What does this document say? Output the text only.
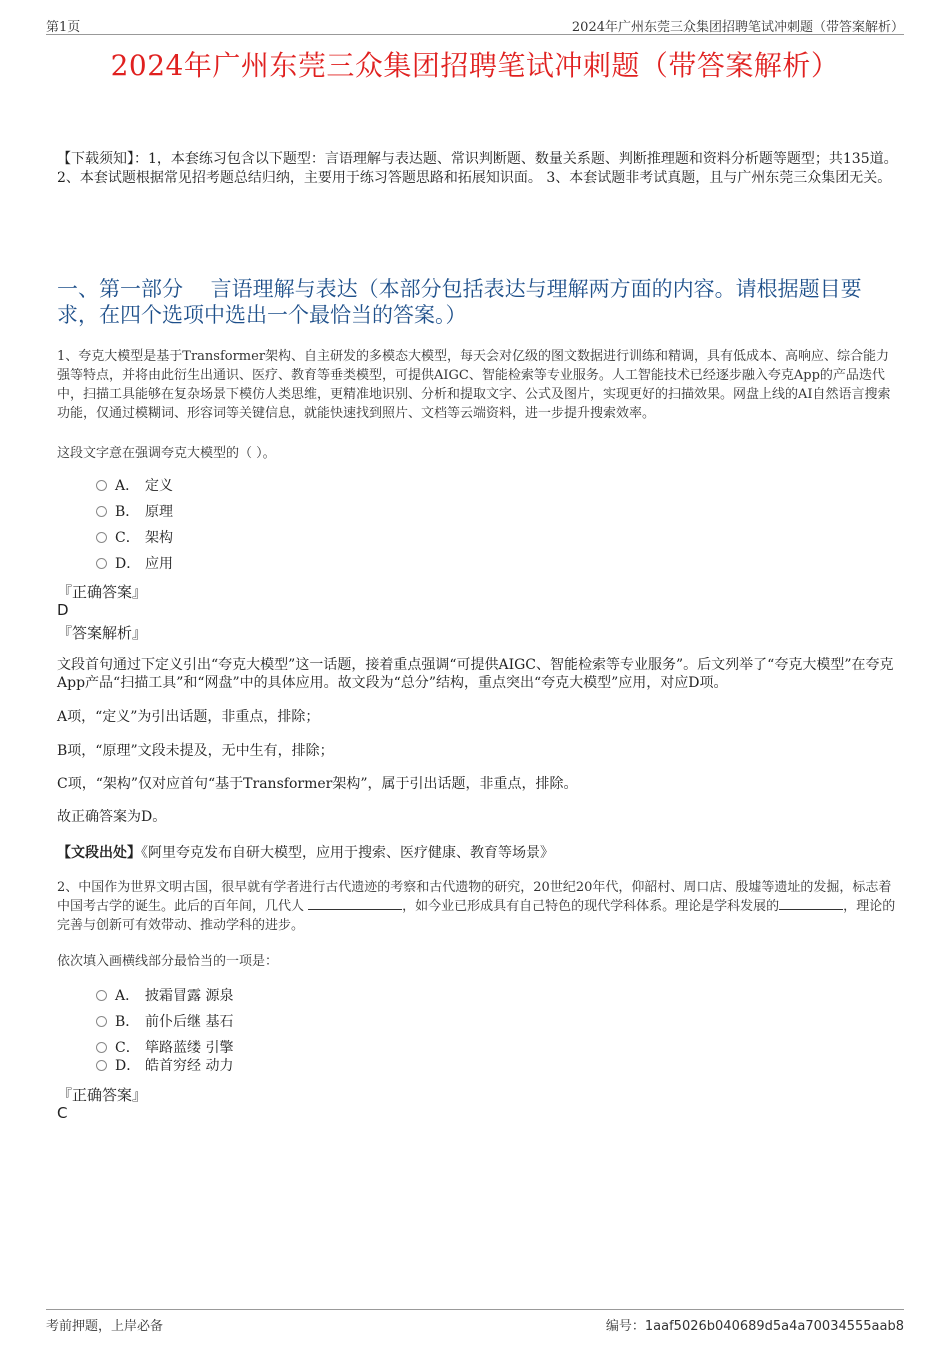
第1页	2024年广州东莞三众集团招聘笔试冲刺题（带答案解析）
2024年广州东莞三众集团招聘笔试冲刺题（带答案解析）
【下载须知】：1，本套练习包含以下题型：言语理解与表达题、常识判断题、数量关系题、判断推理题和资料分析题等题型；共135道。 2、本套试题根据常见招考题总结归纳，主要用于练习答题思路和拓展知识面。 3、本套试题非考试真题，且与广州东莞三众集团无关。
一、第一部分　 言语理解与表达（本部分包括表达与理解两方面的内容。请根据题目要求，在四个选项中选出一个最恰当的答案。）
1、夸克大模型是基于Transformer架构、自主研发的多模态大模型，每天会对亿级的图文数据进行训练和精调，具有低成本、高响应、综合能力强等特点，并将由此衍生出通识、医疗、教育等垂类模型，可提供AIGC、智能检索等专业服务。人工智能技术已经逐步融入夸克App的产品迭代中，扫描工具能够在复杂场景下模仿人类思维，更精准地识别、分析和提取文字、公式及图片，实现更好的扫描效果。网盘上线的AI自然语言搜索功能，仅通过模糊词、形容词等关键信息，就能快速找到照片、文档等云端资料，进一步提升搜索效率。
这段文字意在强调夸克大模型的（ ）。
A． 定义
B． 原理
C． 架构
D． 应用
『正确答案』
D
『答案解析』
文段首句通过下定义引出“夸克大模型”这一话题，接着重点强调“可提供AIGC、智能检索等专业服务”。后文列举了“夸克大模型”在夸克App产品“扫描工具”和“网盘”中的具体应用。故文段为“总分”结构，重点突出“夸克大模型”应用，对应D项。
A项，“定义”为引出话题，非重点，排除；
B项，“原理”文段未提及，无中生有，排除；
C项，“架构”仅对应首句“基于Transformer架构”，属于引出话题，非重点，排除。
故正确答案为D。
【文段出处】《阿里夸克发布自研大模型，应用于搜索、医疗健康、教育等场景》
2、中国作为世界文明古国，很早就有学者进行古代遗迹的考察和古代遗物的研究，20世纪20年代，仰韶村、周口店、殷墟等遗址的发掘，标志着中国考古学的诞生。此后的百年间，几代人	，如今业已形成具有自己特色的现代学科体系。理论是学科发展的	，理论的完善与创新可有效带动、推动学科的进步。
依次填入画横线部分最恰当的一项是：
A． 披霜冒露 源泉
B． 前仆后继 基石
C． 筚路蓝缕 引擎
D． 皓首穷经 动力
『正确答案』
C
考前押题，上岸必备	编号：1aaf5026b040689d5a4a70034555aab8
